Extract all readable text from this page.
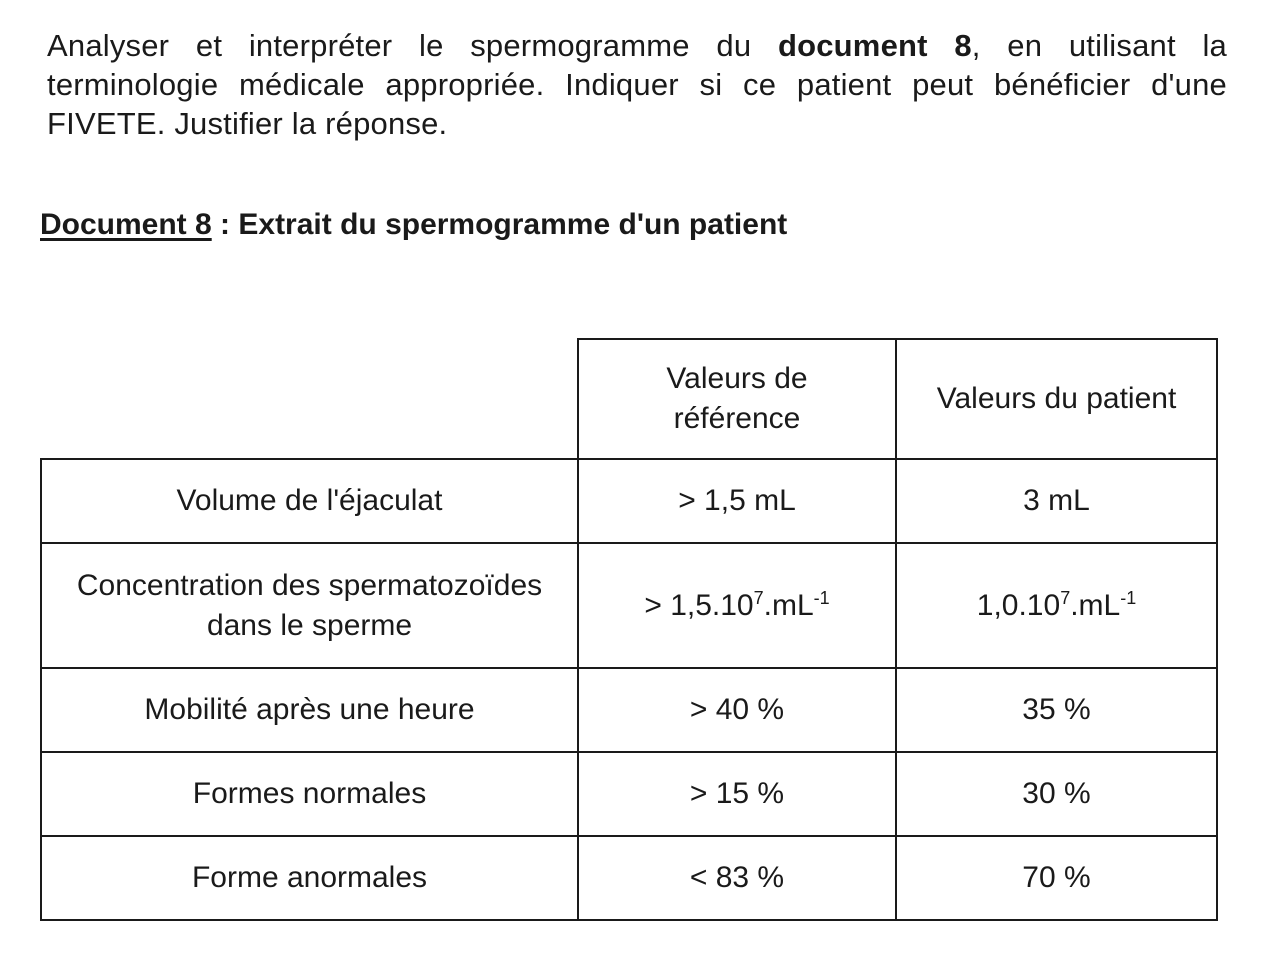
Analyser et interpréter le spermogramme du document 8, en utilisant la terminologie médicale appropriée. Indiquer si ce patient peut bénéficier d'une FIVETE. Justifier la réponse.
Document 8 : Extrait du spermogramme d'un patient
	Valeurs de référence	Valeurs du patient
Volume de l'éjaculat	> 1,5 mL	3 mL
Concentration des spermatozoïdes dans le sperme	> $1,5.10^7.mL^{-1}$	$1,0.10^7.mL^{-1}$
Mobilité après une heure	> 40 %	35 %
Formes normales	> 15 %	30 %
Forme anormales	< 83 %	70 %
